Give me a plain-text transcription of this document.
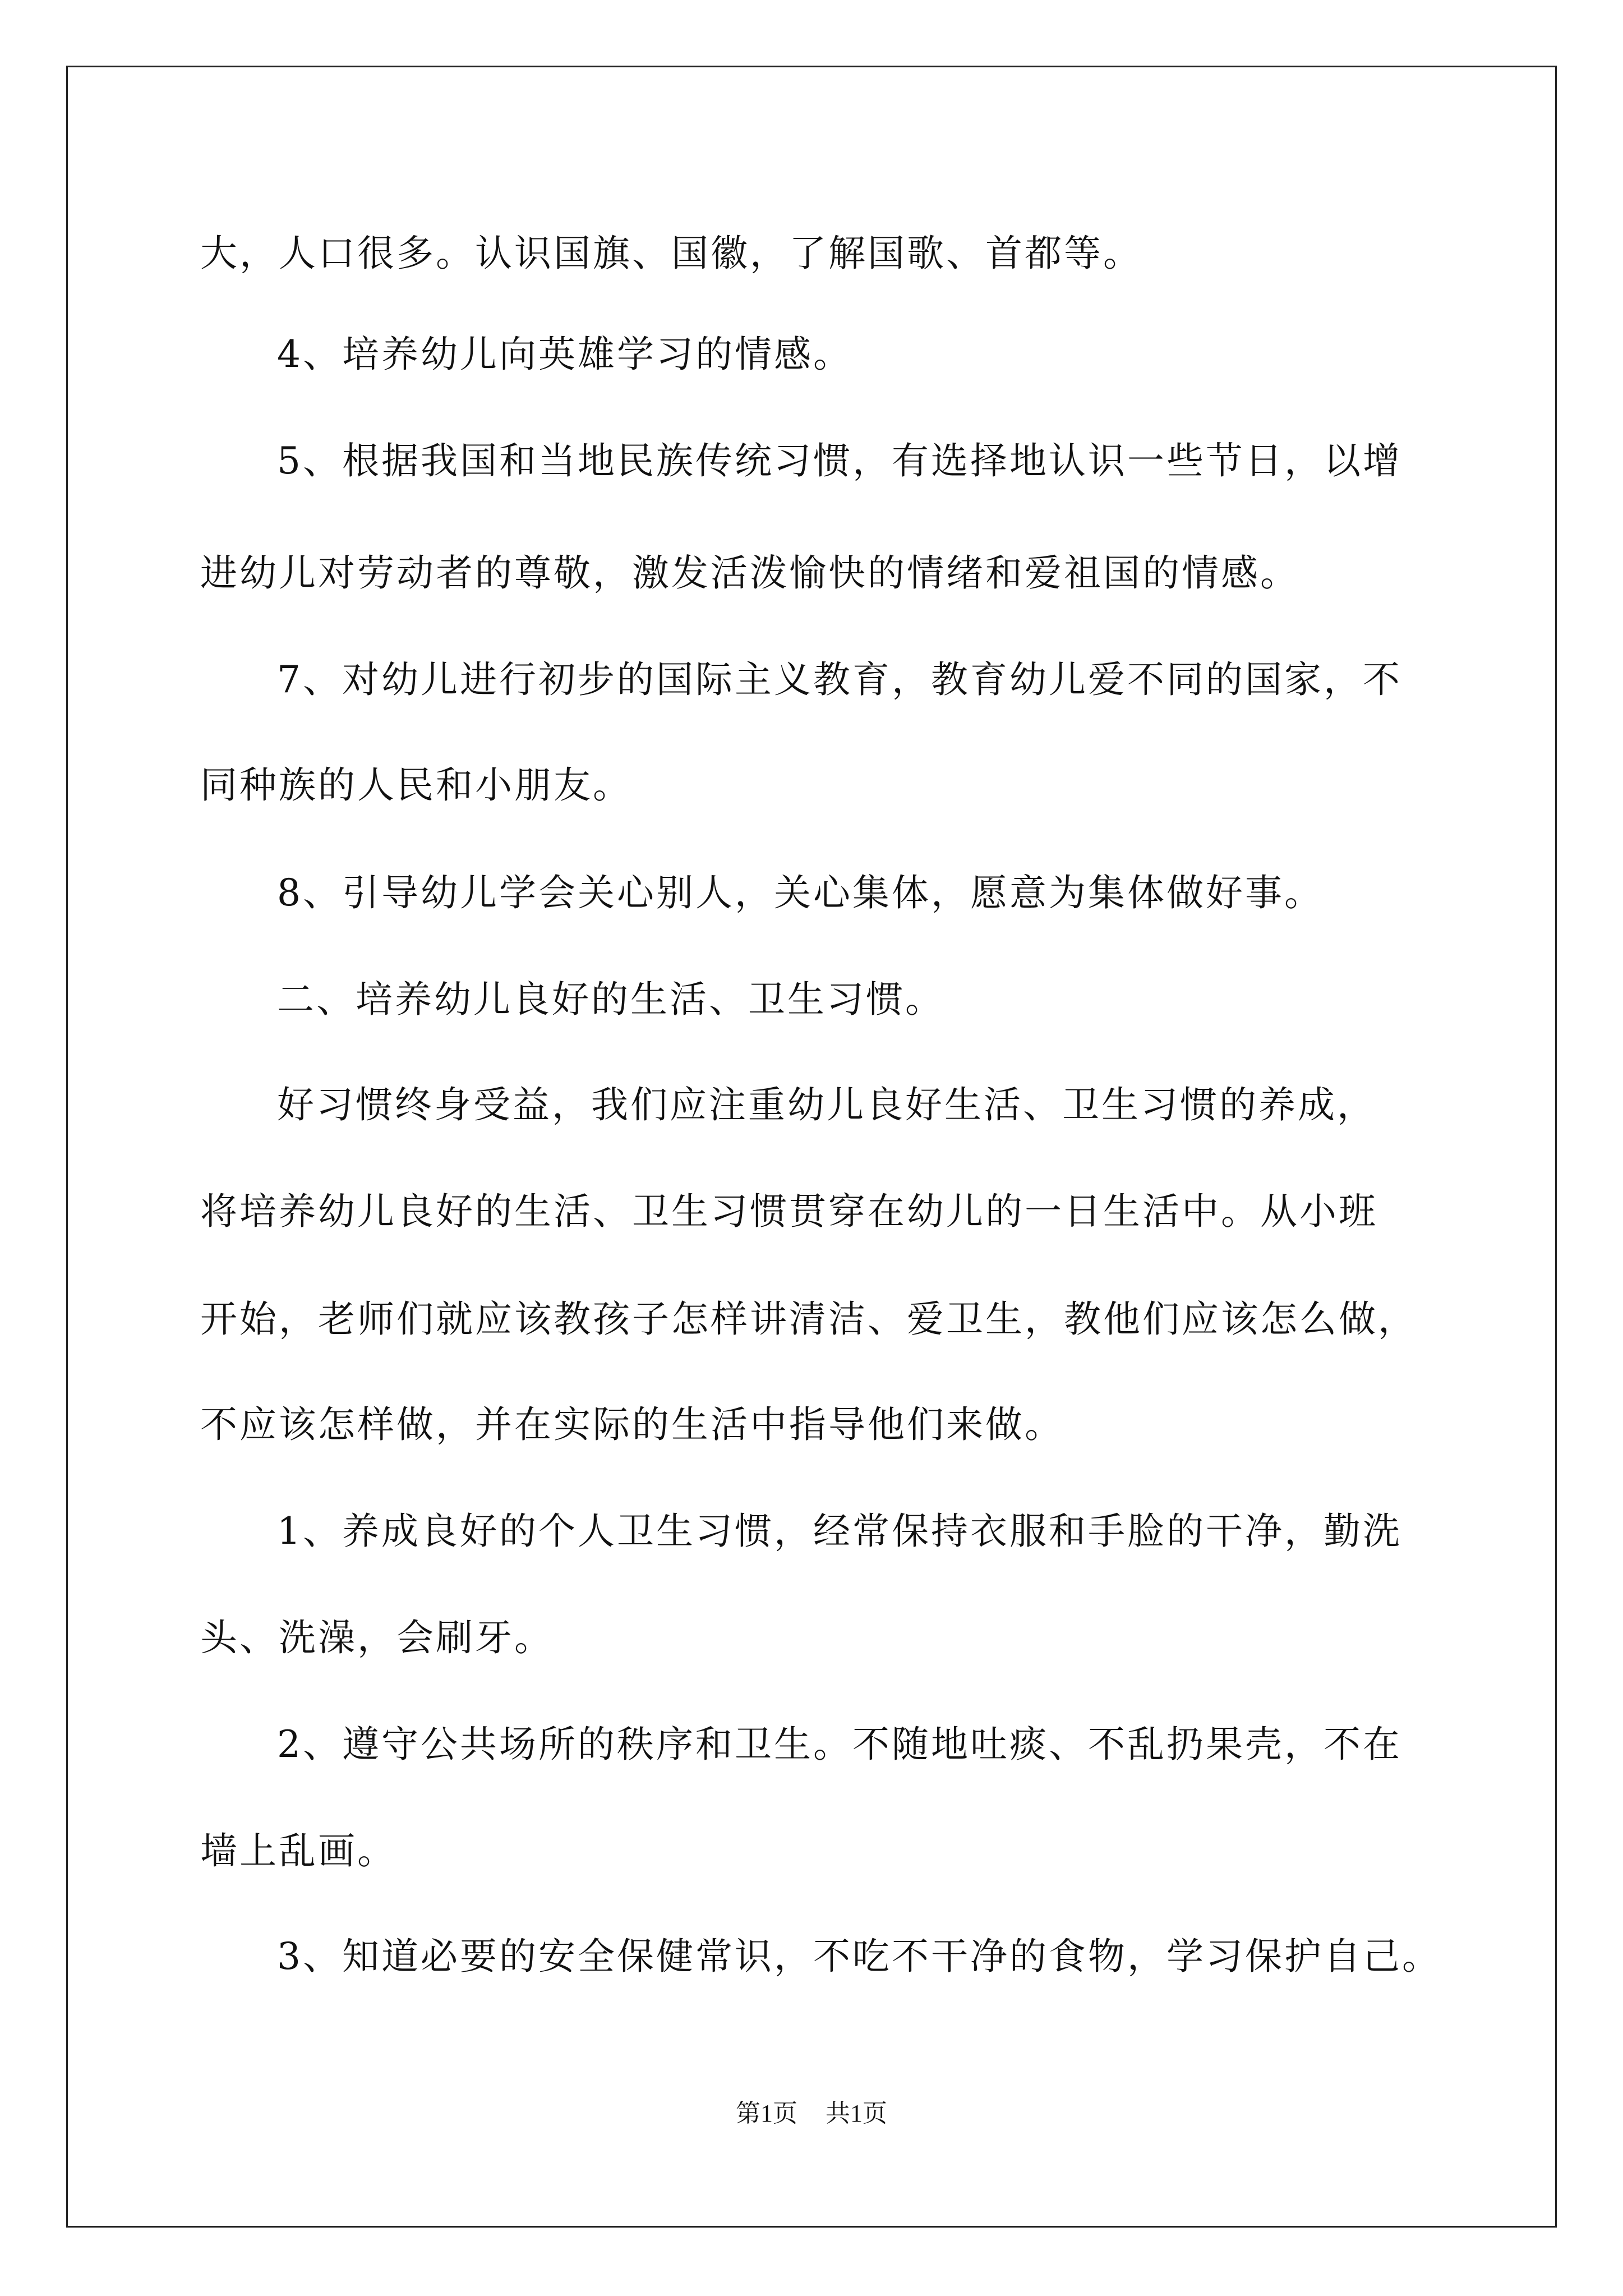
大，人口很多。认识国旗、国徽，了解国歌、首都等。

4、培养幼儿向英雄学习的情感。

5、根据我国和当地民族传统习惯，有选择地认识一些节日，以增

进幼儿对劳动者的尊敬，激发活泼愉快的情绪和爱祖国的情感。

7、对幼儿进行初步的国际主义教育，教育幼儿爱不同的国家，不

同种族的人民和小朋友。

8、引导幼儿学会关心别人，关心集体，愿意为集体做好事。

二、培养幼儿良好的生活、卫生习惯。

好习惯终身受益，我们应注重幼儿良好生活、卫生习惯的养成，

将培养幼儿良好的生活、卫生习惯贯穿在幼儿的一日生活中。从小班

开始，老师们就应该教孩子怎样讲清洁、爱卫生，教他们应该怎么做，

不应该怎样做，并在实际的生活中指导他们来做。

1、养成良好的个人卫生习惯，经常保持衣服和手脸的干净，勤洗

头、洗澡，会刷牙。

2、遵守公共场所的秩序和卫生。不随地吐痰、不乱扔果壳，不在

墙上乱画。

3、知道必要的安全保健常识，不吃不干净的食物，学习保护自己。

第1页 共1页
